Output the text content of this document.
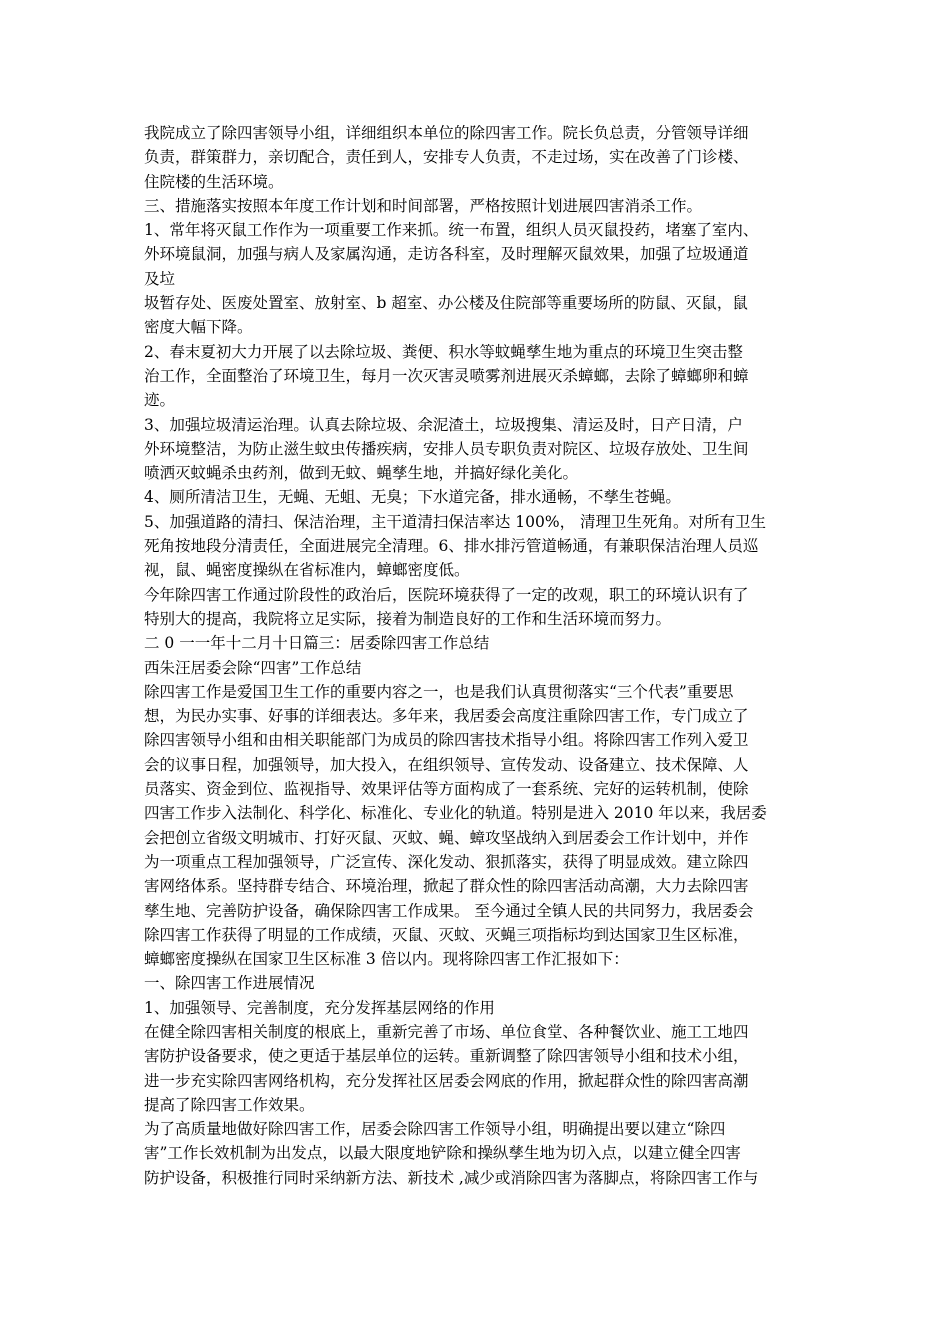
我院成立了除四害领导小组，详细组织本单位的除四害工作。院长负总责，分管领导详细
负责，群策群力，亲切配合，责任到人，安排专人负责，不走过场，实在改善了门诊楼、
住院楼的生活环境。
三、措施落实按照本年度工作计划和时间部署，严格按照计划进展四害消杀工作。
1、常年将灭鼠工作作为一项重要工作来抓。统一布置，组织人员灭鼠投药，堵塞了室内、
外环境鼠洞，加强与病人及家属沟通，走访各科室，及时理解灭鼠效果，加强了垃圾通道
及垃
圾暂存处、医废处置室、放射室、b 超室、办公楼及住院部等重要场所的防鼠、灭鼠，鼠
密度大幅下降。
2、春末夏初大力开展了以去除垃圾、粪便、积水等蚊蝇孳生地为重点的环境卫生突击整
治工作，全面整治了环境卫生，每月一次灭害灵喷雾剂进展灭杀蟑螂，去除了蟑螂卵和蟑
迹。
3、加强垃圾清运治理。认真去除垃圾、余泥渣土，垃圾搜集、清运及时，日产日清，户
外环境整洁，为防止滋生蚊虫传播疾病，安排人员专职负责对院区、垃圾存放处、卫生间
喷洒灭蚊蝇杀虫药剂，做到无蚊、蝇孳生地，并搞好绿化美化。
4、厕所清洁卫生，无蝇、无蛆、无臭；下水道完备，排水通畅，不孳生苍蝇。
5、加强道路的清扫、保洁治理，主干道清扫保洁率达 100%， 清理卫生死角。对所有卫生
死角按地段分清责任，全面进展完全清理。6、排水排污管道畅通，有兼职保洁治理人员巡
视，鼠、蝇密度操纵在省标准内，蟑螂密度低。
今年除四害工作通过阶段性的政治后，医院环境获得了一定的改观，职工的环境认识有了
特别大的提高，我院将立足实际，接着为制造良好的工作和生活环境而努力。
二 0 一一年十二月十日篇三：居委除四害工作总结
西朱汪居委会除“四害”工作总结
除四害工作是爱国卫生工作的重要内容之一，也是我们认真贯彻落实“三个代表”重要思
想，为民办实事、好事的详细表达。多年来，我居委会高度注重除四害工作，专门成立了
除四害领导小组和由相关职能部门为成员的除四害技术指导小组。将除四害工作列入爱卫
会的议事日程，加强领导，加大投入，在组织领导、宣传发动、设备建立、技术保障、人
员落实、资金到位、监视指导、效果评估等方面构成了一套系统、完好的运转机制，使除
四害工作步入法制化、科学化、标准化、专业化的轨道。特别是进入 2010 年以来，我居委
会把创立省级文明城市、打好灭鼠、灭蚊、蝇、蟑攻坚战纳入到居委会工作计划中，并作
为一项重点工程加强领导，广泛宣传、深化发动、狠抓落实，获得了明显成效。建立除四
害网络体系。坚持群专结合、环境治理，掀起了群众性的除四害活动高潮，大力去除四害
孳生地、完善防护设备，确保除四害工作成果。 至今通过全镇人民的共同努力，我居委会
除四害工作获得了明显的工作成绩，灭鼠、灭蚊、灭蝇三项指标均到达国家卫生区标准，
蟑螂密度操纵在国家卫生区标准 3 倍以内。现将除四害工作汇报如下：
一、除四害工作进展情况
1、加强领导、完善制度，充分发挥基层网络的作用
在健全除四害相关制度的根底上，重新完善了市场、单位食堂、各种餐饮业、施工工地四
害防护设备要求，使之更适于基层单位的运转。重新调整了除四害领导小组和技术小组，
进一步充实除四害网络机构，充分发挥社区居委会网底的作用，掀起群众性的除四害高潮
提高了除四害工作效果。
为了高质量地做好除四害工作，居委会除四害工作领导小组，明确提出要以建立“除四
害”工作长效机制为出发点，以最大限度地铲除和操纵孳生地为切入点，以建立健全四害
防护设备，积极推行同时采纳新方法、新技术 ,减少或消除四害为落脚点，将除四害工作与
